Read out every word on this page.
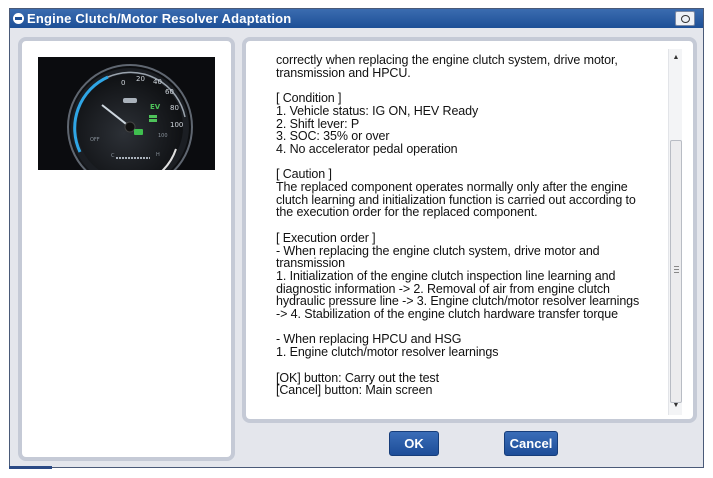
Engine Clutch/Motor Resolver Adaptation
0 20 40
60
80
100
EV
OFF
100
C	H
correctly when replacing the engine clutch system, drive motor,
transmission and HPCU.

[ Condition ]
1. Vehicle status: IG ON, HEV Ready
2. Shift lever: P
3. SOC: 35% or over
4. No accelerator pedal operation

[ Caution ]
The replaced component operates normally only after the engine
clutch learning and initialization function is carried out according to
the execution order for the replaced component.

[ Execution order ]
- When replacing the engine clutch system, drive motor and
transmission
1. Initialization of the engine clutch inspection line learning and
diagnostic information -> 2. Removal of air from engine clutch
hydraulic pressure line -> 3. Engine clutch/motor resolver learnings
-> 4. Stabilization of the engine clutch hardware transfer torque

- When replacing HPCU and HSG
1. Engine clutch/motor resolver learnings

[OK] button: Carry out the test
[Cancel] button: Main screen
▲
▼
OK	Cancel
